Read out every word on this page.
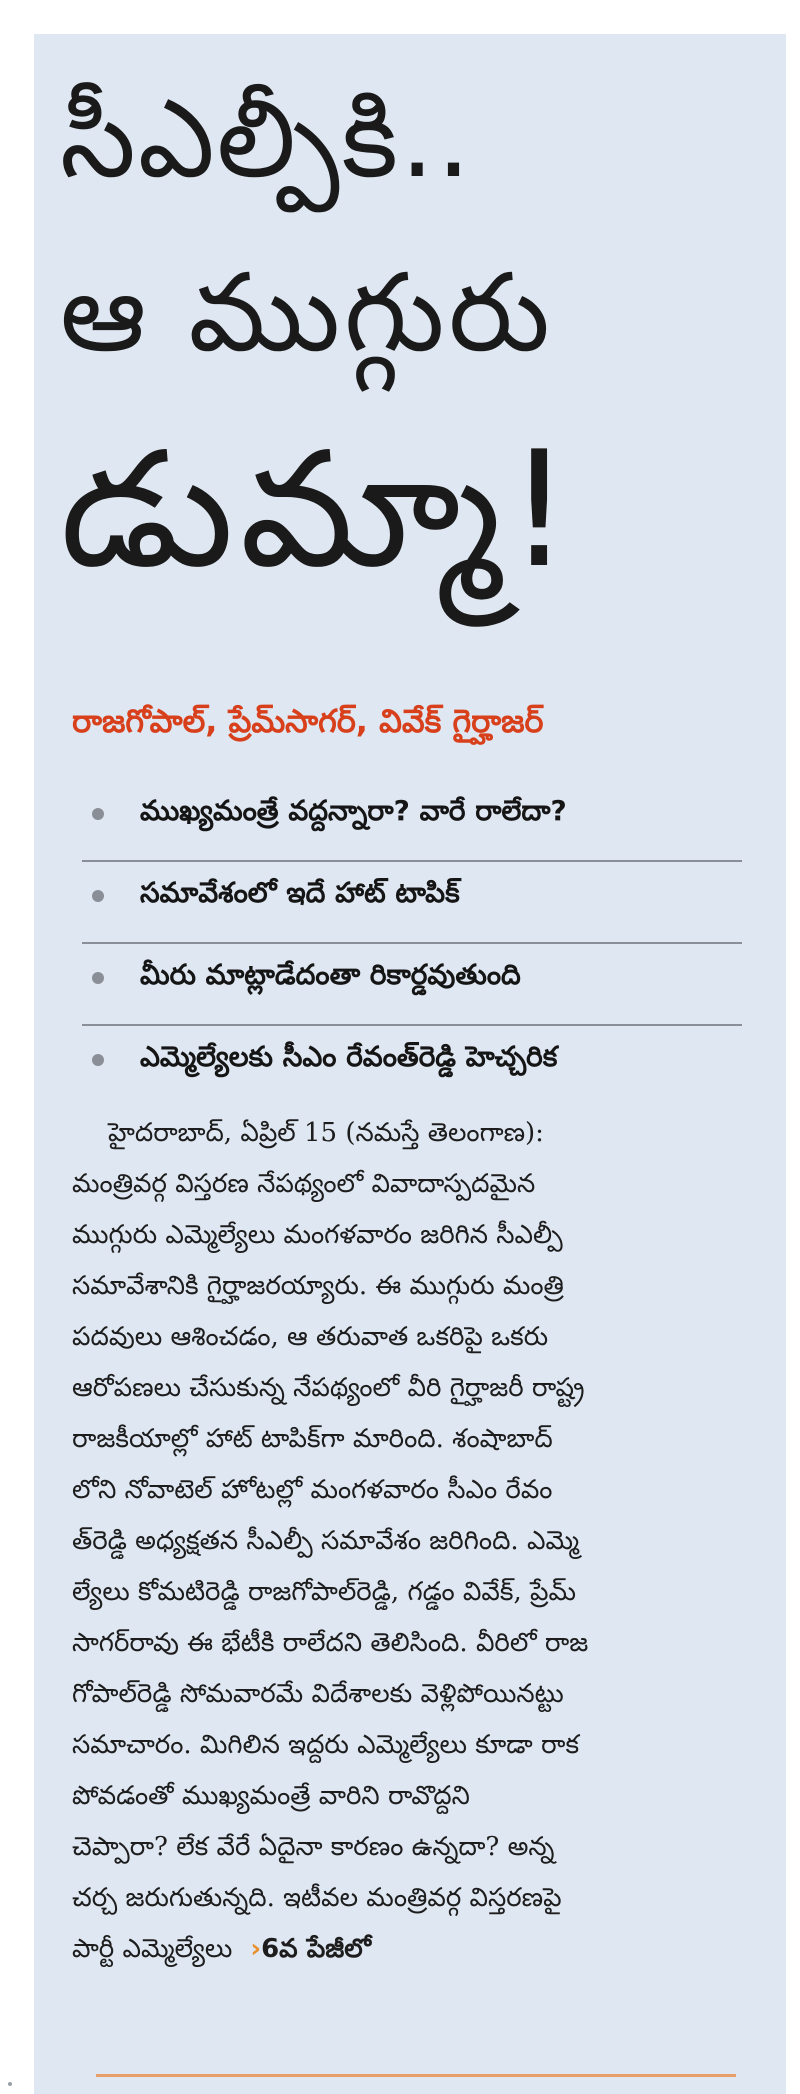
సీఎల్పీకి..
ఆ ముగ్గురు
డుమ్మా!
రాజగోపాల్, ప్రేమ్‌సాగర్, వివేక్ గైర్హాజర్
ముఖ్యమంత్రే వద్దన్నారా? వారే రాలేదా?
సమావేశంలో ఇదే హాట్ టాపిక్
మీరు మాట్లాడేదంతా రికార్డవుతుంది
ఎమ్మెల్యేలకు సీఎం రేవంత్‌రెడ్డి హెచ్చరిక

హైదరాబాద్, ఏప్రిల్ 15 (నమస్తే తెలంగాణ):

మంత్రివర్గ విస్తరణ నేపథ్యంలో వివాదాస్పదమైన

ముగ్గురు ఎమ్మెల్యేలు మంగళవారం జరిగిన సీఎల్పీ

సమావేశానికి గైర్హాజరయ్యారు. ఈ ముగ్గురు మంత్రి

పదవులు ఆశించడం, ఆ తరువాత ఒకరిపై ఒకరు

ఆరోపణలు చేసుకున్న నేపథ్యంలో వీరి గైర్హాజరీ రాష్ట్ర

రాజకీయాల్లో హాట్ టాపిక్‌గా మారింది. శంషాబాద్

లోని నోవాటెల్ హోటల్లో మంగళవారం సీఎం రేవం

త్‌రెడ్డి అధ్యక్షతన సీఎల్పీ సమావేశం జరిగింది. ఎమ్మె

ల్యేలు కోమటిరెడ్డి రాజగోపాల్‌రెడ్డి, గడ్డం వివేక్, ప్రేమ్

సాగర్‌రావు ఈ భేటీకి రాలేదని తెలిసింది. వీరిలో రాజ

గోపాల్‌రెడ్డి సోమవారమే విదేశాలకు వెళ్లిపోయినట్టు

సమాచారం. మిగిలిన ఇద్దరు ఎమ్మెల్యేలు కూడా రాక

పోవడంతో ముఖ్యమంత్రే వారిని రావొద్దని

చెప్పారా? లేక వేరే ఏదైనా కారణం ఉన్నదా? అన్న

చర్చ జరుగుతున్నది. ఇటీవల మంత్రివర్గ విస్తరణపై

పార్టీ ఎమ్మెల్యేలు ›6వ పేజీలో
